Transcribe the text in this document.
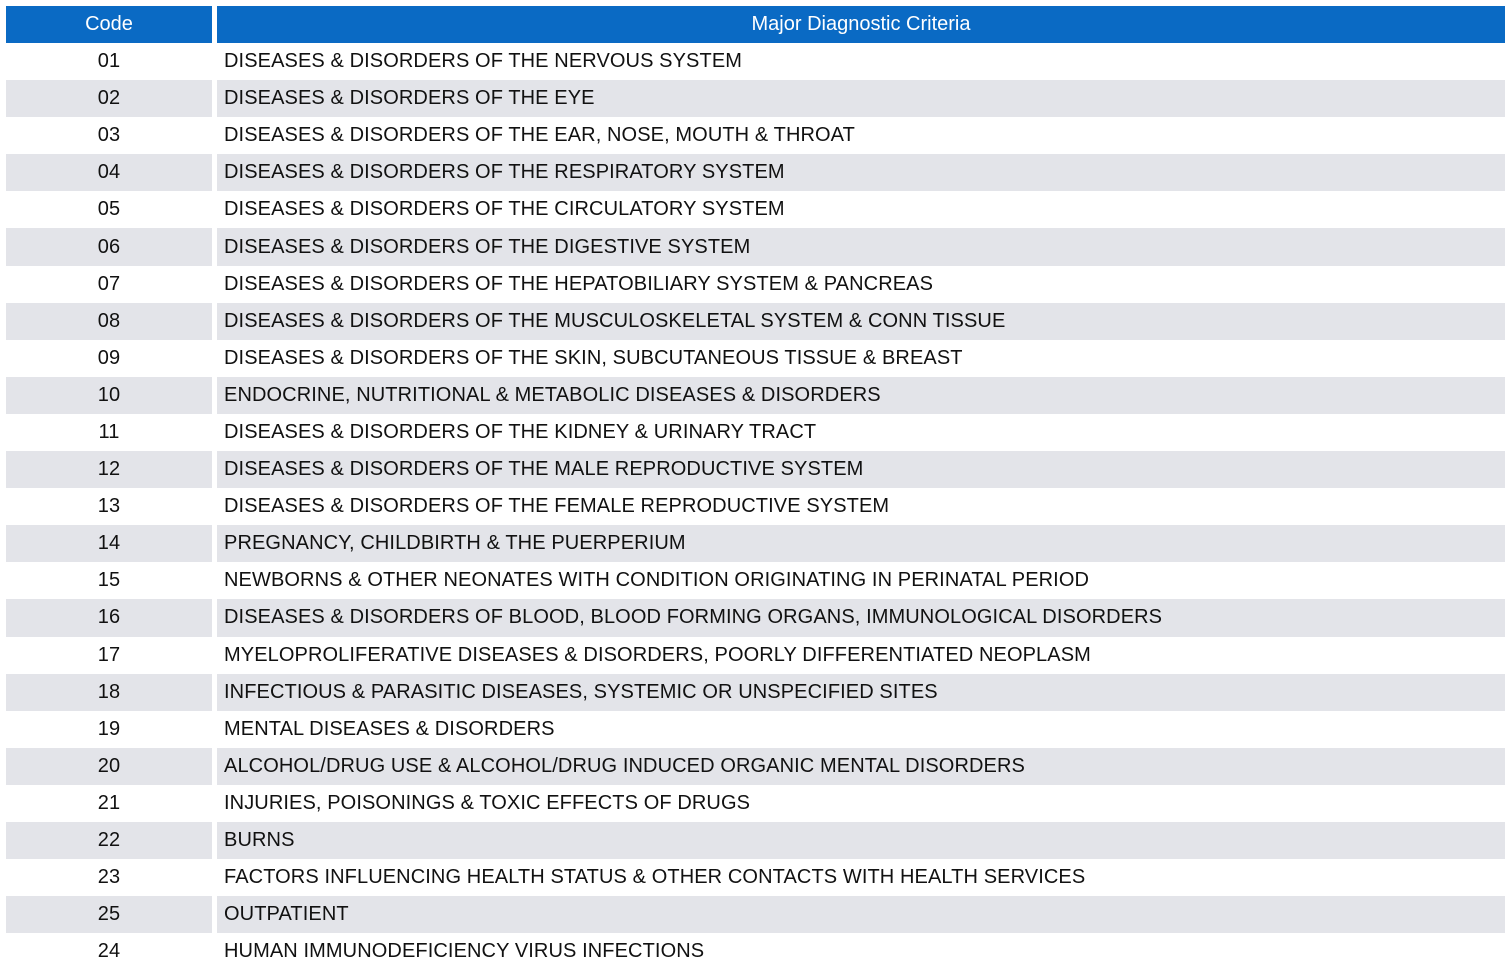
Code	Major Diagnostic Criteria
01	DISEASES & DISORDERS OF THE NERVOUS SYSTEM
02	DISEASES & DISORDERS OF THE EYE
03	DISEASES & DISORDERS OF THE EAR, NOSE, MOUTH & THROAT
04	DISEASES & DISORDERS OF THE RESPIRATORY SYSTEM
05	DISEASES & DISORDERS OF THE CIRCULATORY SYSTEM
06	DISEASES & DISORDERS OF THE DIGESTIVE SYSTEM
07	DISEASES & DISORDERS OF THE HEPATOBILIARY SYSTEM & PANCREAS
08	DISEASES & DISORDERS OF THE MUSCULOSKELETAL SYSTEM & CONN TISSUE
09	DISEASES & DISORDERS OF THE SKIN, SUBCUTANEOUS TISSUE & BREAST
10	ENDOCRINE, NUTRITIONAL & METABOLIC DISEASES & DISORDERS
11	DISEASES & DISORDERS OF THE KIDNEY & URINARY TRACT
12	DISEASES & DISORDERS OF THE MALE REPRODUCTIVE SYSTEM
13	DISEASES & DISORDERS OF THE FEMALE REPRODUCTIVE SYSTEM
14	PREGNANCY, CHILDBIRTH & THE PUERPERIUM
15	NEWBORNS & OTHER NEONATES WITH CONDITION ORIGINATING IN PERINATAL PERIOD
16	DISEASES & DISORDERS OF BLOOD, BLOOD FORMING ORGANS, IMMUNOLOGICAL DISORDERS
17	MYELOPROLIFERATIVE DISEASES & DISORDERS, POORLY DIFFERENTIATED NEOPLASM
18	INFECTIOUS & PARASITIC DISEASES, SYSTEMIC OR UNSPECIFIED SITES
19	MENTAL DISEASES & DISORDERS
20	ALCOHOL/DRUG USE & ALCOHOL/DRUG INDUCED ORGANIC MENTAL DISORDERS
21	INJURIES, POISONINGS & TOXIC EFFECTS OF DRUGS
22	BURNS
23	FACTORS INFLUENCING HEALTH STATUS & OTHER CONTACTS WITH HEALTH SERVICES
25	OUTPATIENT
24	HUMAN IMMUNODEFICIENCY VIRUS INFECTIONS
